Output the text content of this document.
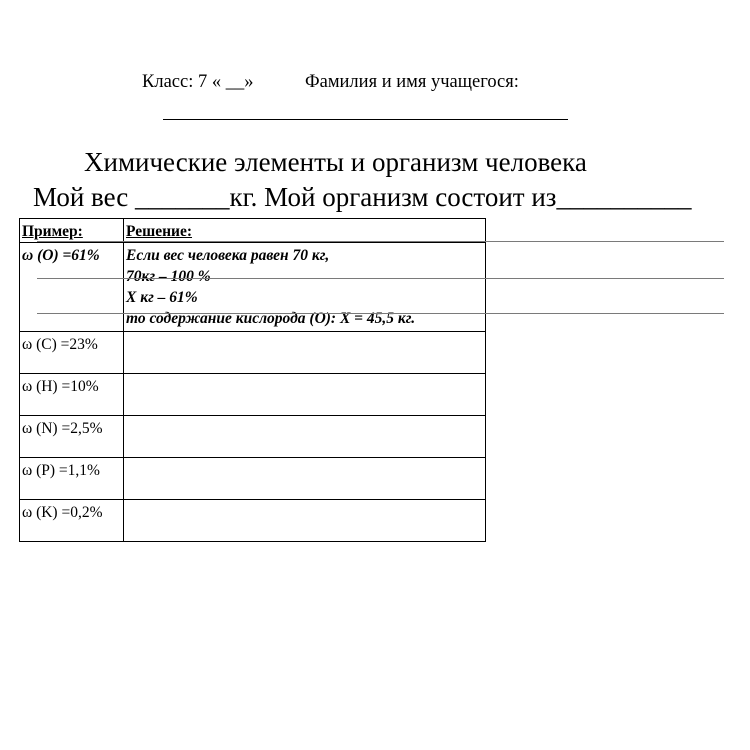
Класс: 7 « __»	Фамилия и имя учащегося:
Химические элементы и организм человека
Мой вес _______кг. Мой организм состоит из__________
Пример:	Решение:
ω (O) =61%	Если вес человека равен 70 кг,
70кг – 100 %
X кг – 61%
то содержание кислорода (O): X = 45,5 кг.

ω (C) =23%	
ω (H) =10%	
ω (N) =2,5%	
ω (P) =1,1%	
ω (K) =0,2%	
